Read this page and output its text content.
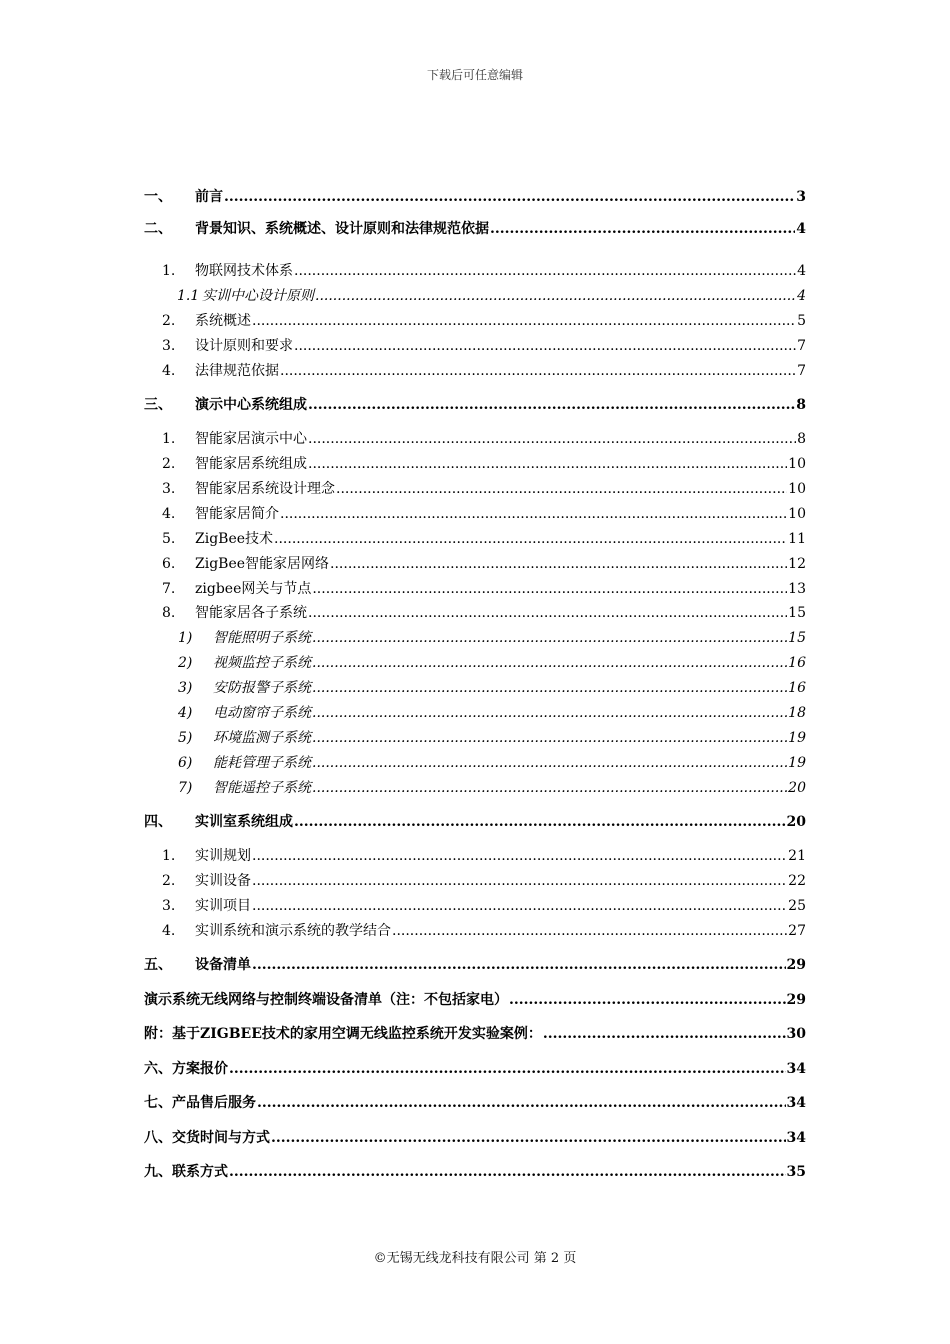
下载后可任意编辑
一、	前言 .....	3
二、	背景知识、系统概述、设计原则和法律规范依据 .....	4
1.	物联网技术体系 .....	4
1.1 实训中心设计原则 .....	4
2.	系统概述 .....	5
3.	设计原则和要求 .....	7
4.	法律规范依据 .....	7
三、	演示中心系统组成 .....	8
1.	智能家居演示中心 .....	8
2.	智能家居系统组成 .....	10
3.	智能家居系统设计理念 .....	10
4.	智能家居简介 .....	10
5.	ZigBee技术 .....	11
6.	ZigBee智能家居网络 .....	12
7.	zigbee网关与节点 .....	13
8.	智能家居各子系统 .....	15
1)	智能照明子系统 .....	15
2)	视频监控子系统 .....	16
3)	安防报警子系统 .....	16
4)	电动窗帘子系统 .....	18
5)	环境监测子系统 .....	19
6)	能耗管理子系统 .....	19
7)	智能遥控子系统 .....	20
四、	实训室系统组成 .....	20
1.	实训规划 .....	21
2.	实训设备 .....	22
3.	实训项目 .....	25
4.	实训系统和演示系统的教学结合 .....	27
五、	设备清单 .....	29
演示系统无线网络与控制终端设备清单（注：不包括家电） .....	29
附：基于ZIGBEE技术的家用空调无线监控系统开发实验案例： .....	30
六、方案报价 .....	34
七、产品售后服务 .....	34
八、交货时间与方式 .....	34
九、联系方式 .....	35
©无锡无线龙科技有限公司 第 2 页
